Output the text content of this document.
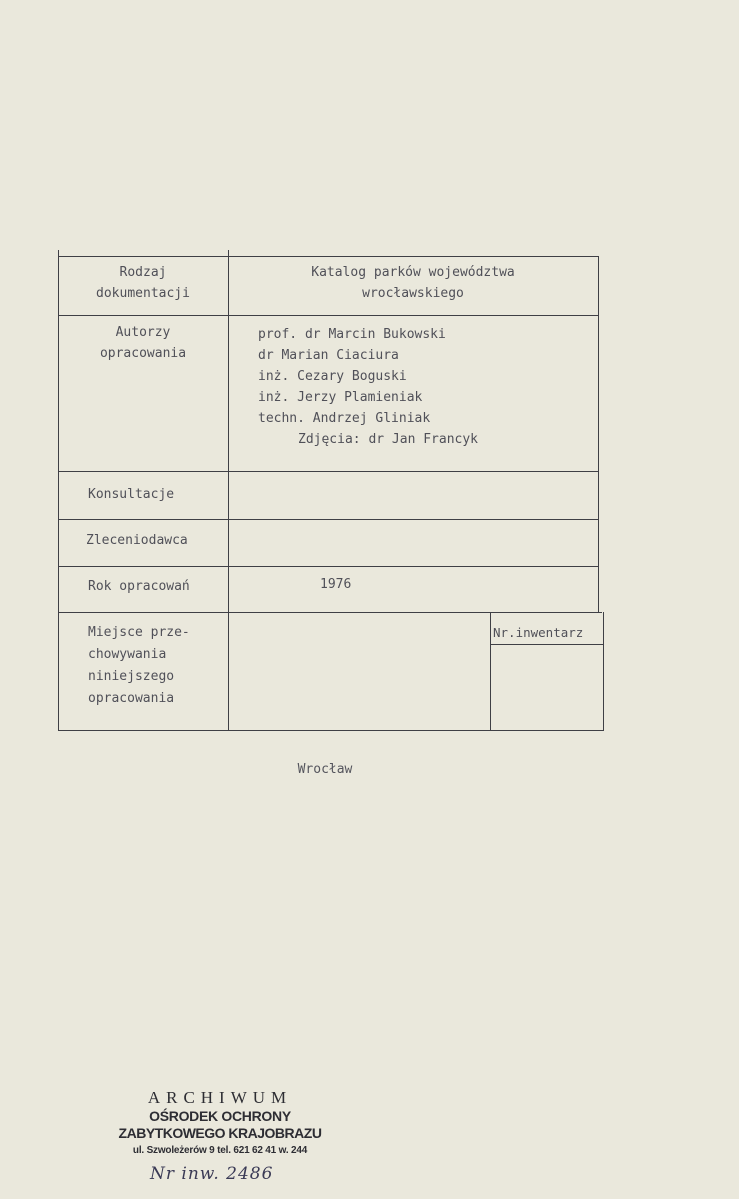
Rodzaj
dokumentacji
Katalog parków województwa
wrocławskiego
Autorzy
opracowania
prof. dr Marcin Bukowski
dr Marian Ciaciura
inż. Cezary Boguski
inż. Jerzy Plamieniak
techn. Andrzej Gliniak
Zdjęcia: dr Jan Francyk
Konsultacje
Zleceniodawca
Rok opracowań	1976
Miejsce prze-
chowywania
niniejszego
opracowania
Nr.inwentarz
Wrocław
ARCHIWUM
OŚRODEK OCHRONY
ZABYTKOWEGO KRAJOBRAZU
ul. Szwoleżerów 9 tel. 621 62 41 w. 244
Nr inw. 2486
